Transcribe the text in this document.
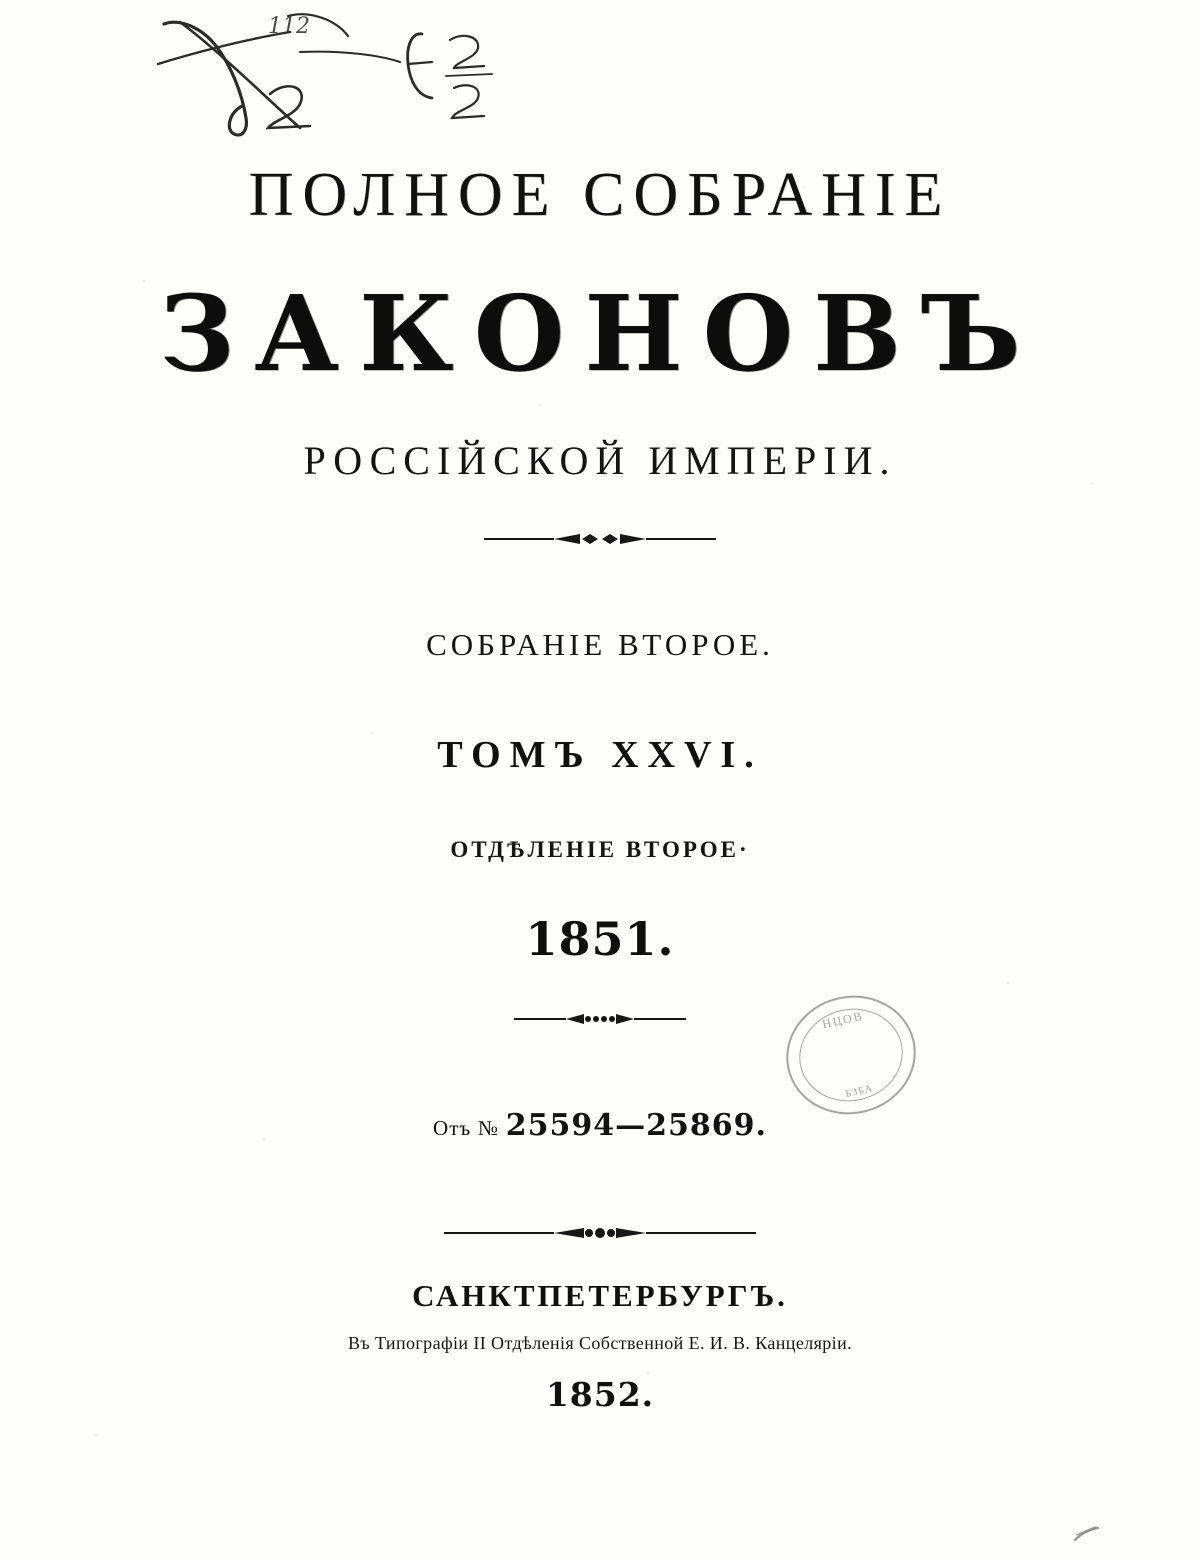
112
ПОЛНОЕ СОБРАНІЕ
ЗАКОНОВЪ
РОССІЙСКОЙ ИМПЕРІИ.
СОБРАНІЕ ВТОРОЕ.
ТОМЪ XXVI.
ОТДѢЛЕНІЕ ВТОРОЕ·
1851.
НЦОВ
БЗБА
Отъ № 25594—25869.
САНКТПЕТЕРБУРГЪ.
Въ Типографіи II Отдѣленія Собственной Е. И. В. Канцеляріи.
1852.
